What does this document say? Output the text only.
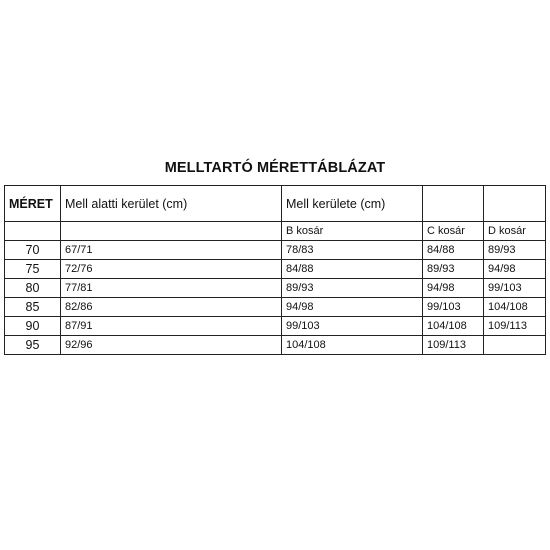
MELLTARTÓ MÉRETTÁBLÁZAT
MÉRET	Mell alatti kerület (cm)	Mell kerülete (cm)		
		B kosár	C kosár	D kosár
70	67/71	78/83	84/88	89/93
75	72/76	84/88	89/93	94/98
80	77/81	89/93	94/98	99/103
85	82/86	94/98	99/103	104/108
90	87/91	99/103	104/108	109/113
95	92/96	104/108	109/113	
